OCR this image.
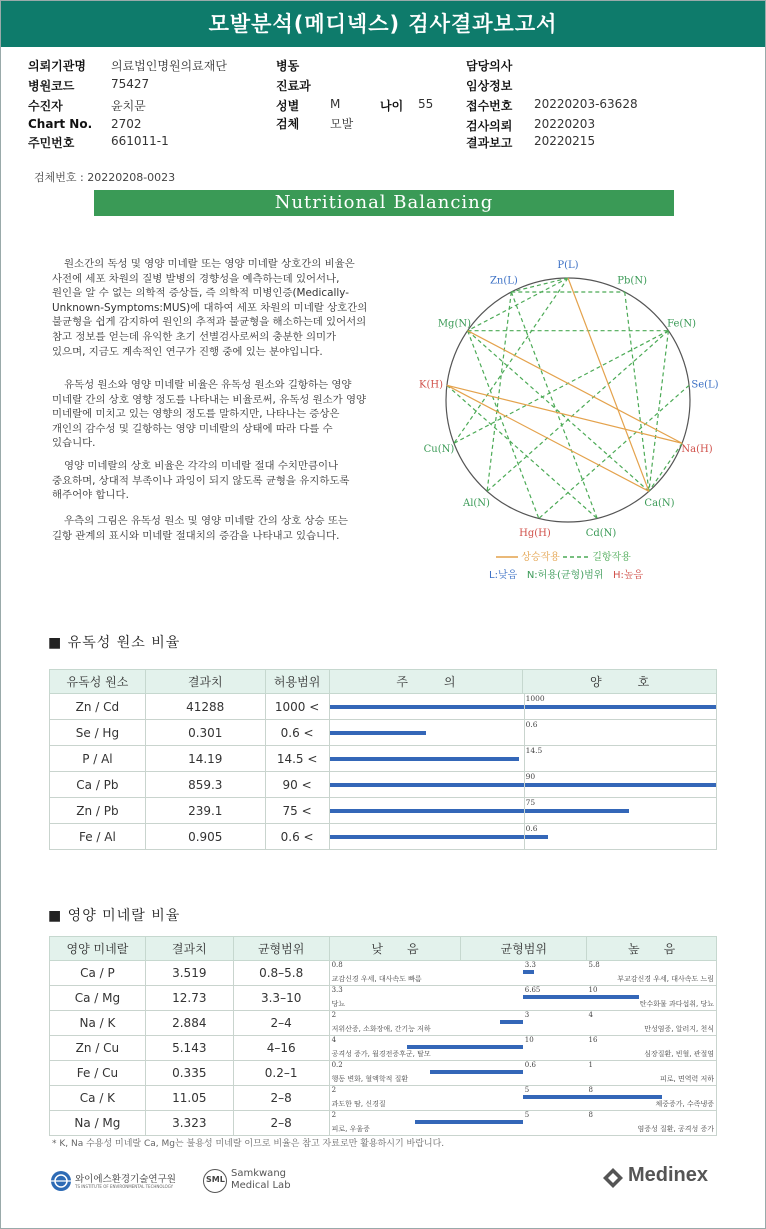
모발분석(메디넥스) 검사결과보고서
의뢰기관명 의료법인명원의료재단
병원코드	75427
수진자	윤치문
Chart No. 2702
주민번호	661011-1
병동
진료과
성별	M	나이 55
검체	모발
담당의사
임상정보
접수번호 20220203-63628
검사의뢰 20220203
결과보고 20220215
검체번호 : 20220208-0023
Nutritional Balancing
원소간의 독성 및 영양 미네랄 또는 영양 미네랄 상호간의 비율은 사전에 세포 차원의 질병 발병의 경향성을 예측하는데 있어서나, 원인을 알 수 없는 의학적 증상들, 즉 의학적 미병인증(Medically-Unknown-Symptoms:MUS)에 대하여 세포 차원의 미네랄 상호간의 불균형을 쉽게 감지하여 원인의 추적과 불균형을 해소하는데 있어서의 참고 정보를 얻는데 유익한 초기 선별검사로써의 충분한 의미가 있으며, 지금도 계속적인 연구가 진행 중에 있는 분야입니다.
유독성 원소와 영양 미네랄 비율은 유독성 원소와 길항하는 영양 미네랄 간의 상호 영향 정도를 나타내는 비율로써, 유독성 원소가 영양 미네랄에 미치고 있는 영향의 정도를 말하지만, 나타나는 증상은 개인의 감수성 및 길항하는 영양 미네랄의 상태에 따라 다를 수 있습니다.
영양 미네랄의 상호 비율은 각각의 미네랄 절대 수치만큼이나 중요하며, 상대적 부족이나 과잉이 되지 않도록 균형을 유지하도록 해주어야 합니다.
우측의 그림은 유독성 원소 및 영양 미네랄 간의 상호 상승 또는 길항 관계의 표시와 미네랄 절대치의 증감을 나타내고 있습니다.
P(L)
Pb(N)
Fe(N)
Se(L)
Na(H)
Ca(N)
Cd(N)
Hg(H)
Al(N)
Cu(N)
K(H)
Mg(N)
Zn(L)
상승작용	길항작용
L:낮음 N:허용(균형)범위 H:높음
■ 유독성 원소 비율
유독성 원소	결과치	허용범위	주　　　의	양　　　호
Zn / Cd	41288	1000 <	1000	

Se / Hg	0.301	0.6 <	0.6	

P / Al	14.19	14.5 <	14.5	

Ca / Pb	859.3	90 <	90	

Zn / Pb	239.1	75 <	75	

Fe / Al	0.905	0.6 <	0.6	
■ 영양 미네랄 비율
영양 미네랄	결과치	균형범위	낮　　음	균형범위	높　　음
Ca / P	3.519	0.8–5.8	0.8 3.3 5.8
교감신경 우세, 대사속도 빠름 부교감신경 우세, 대사속도 느림		

Ca / Mg	12.73	3.3–10	3.3 6.65 10
당뇨 탄수화물 과다섭취, 당뇨		

Na / K	2.884	2–4	2 3 4
저위산증, 소화장애, 간기능 저하 만성염증, 알러지, 천식		

Zn / Cu	5.143	4–16	4 10 16
공격성 증가, 월경전증후군, 탈모 심장질환, 빈혈, 관절염		

Fe / Cu	0.335	0.2–1	0.2 0.6 1
행동 변화, 혈액학적 질환 피로, 면역력 저하		

Ca / K	11.05	2–8	2 5 8
과도한 땀, 신경질 체중증가, 수족냉증		

Na / Mg	3.323	2–8	2 5 8
피로, 우울증 염증성 질환, 공격성 증가		
* K, Na 수용성 미네랄 Ca, Mg는 불용성 미네랄 이므로 비율은 참고 자료로만 활용하시기 바랍니다.
와이에스환경기술연구원
TS INSTITUTE OF ENVIRONMENTAL TECHNOLOGY
SML
Samkwang
Medical Lab	Medinex
